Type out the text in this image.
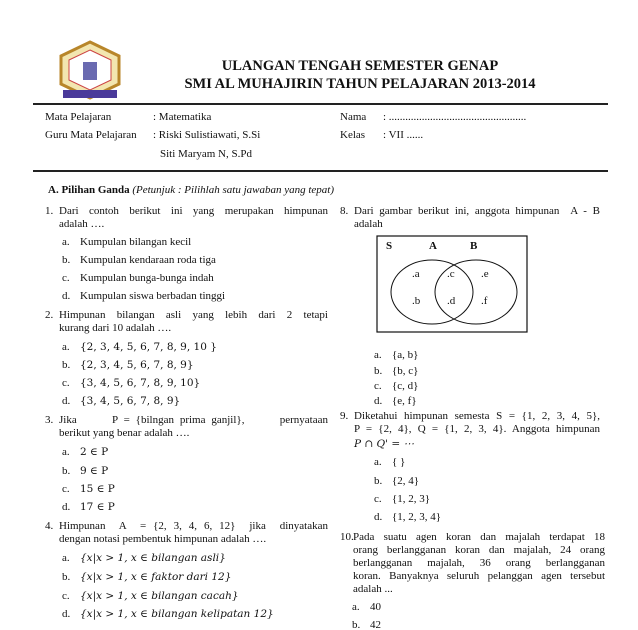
ULANGAN TENGAH SEMESTER GENAP
SMI AL MUHAJIRIN TAHUN PELAJARAN 2013-2014
Mata Pelajaran	: Matematika
Guru Mata Pelajaran : Riski Sulistiawati, S.Si
Siti Maryam N, S.Pd
Nama : ..................................................
Kelas : VII ......
A. Pilihan Ganda (Petunjuk : Pilihlah satu jawaban yang tepat)
1. Dari contoh berikut ini yang merupakan himpunan
adalah ….
a. Kumpulan bilangan kecil
b. Kumpulan kendaraan roda tiga
c. Kumpulan bunga-bunga indah
d. Kumpulan siswa berbadan tinggi
2. Himpunan bilangan asli yang lebih dari 2 tetapi
kurang dari 10 adalah ….
a. {2, 3, 4, 5, 6, 7, 8, 9, 10 }
b. {2, 3, 4, 5, 6, 7, 8, 9}
c. {3, 4, 5, 6, 7, 8, 9, 10}
d. {3, 4, 5, 6, 7, 8, 9}
3. Jika      P = {bilngan prima ganjil},      pernyataan
berikut yang benar adalah ….
a. 2 ∈ P
b. 9 ∈ P
c. 15 ∈ P
d. 17 ∈ P
4. Himpunan  A  = {2, 3, 4, 6, 12}  jika  dinyatakan
dengan notasi pembentuk himpunan adalah ….
a. {x|x > 1, x ∈ bilangan asli}
b. {x|x > 1, x ∈ faktor dari 12}
c. {x|x > 1, x ∈ bilangan cacah}
d. {x|x > 1, x ∈ bilangan kelipatan 12}
8. Dari gambar berikut ini, anggota himpunan  A - B
adalah
a. {a, b}
b. {b, c}
c. {c, d}
d. {e, f}
9. Diketahui himpunan semesta S = {1, 2, 3, 4, 5},
P = {2, 4}, Q = {1, 2, 3, 4}. Anggota himpunan
P ∩ Q' = ⋯
a. { }
b. {2, 4}
c. {1, 2, 3}
d. {1, 2, 3, 4}
10. Pada suatu agen koran dan majalah terdapat 18
orang berlangganan koran dan majalah, 24 orang
berlangganan majalah, 36 orang berlangganan
koran. Banyaknya seluruh pelanggan agen tersebut
adalah ...
a. 40
b. 42
S	A	B
.a
.b
.c
.d
.e
.f
